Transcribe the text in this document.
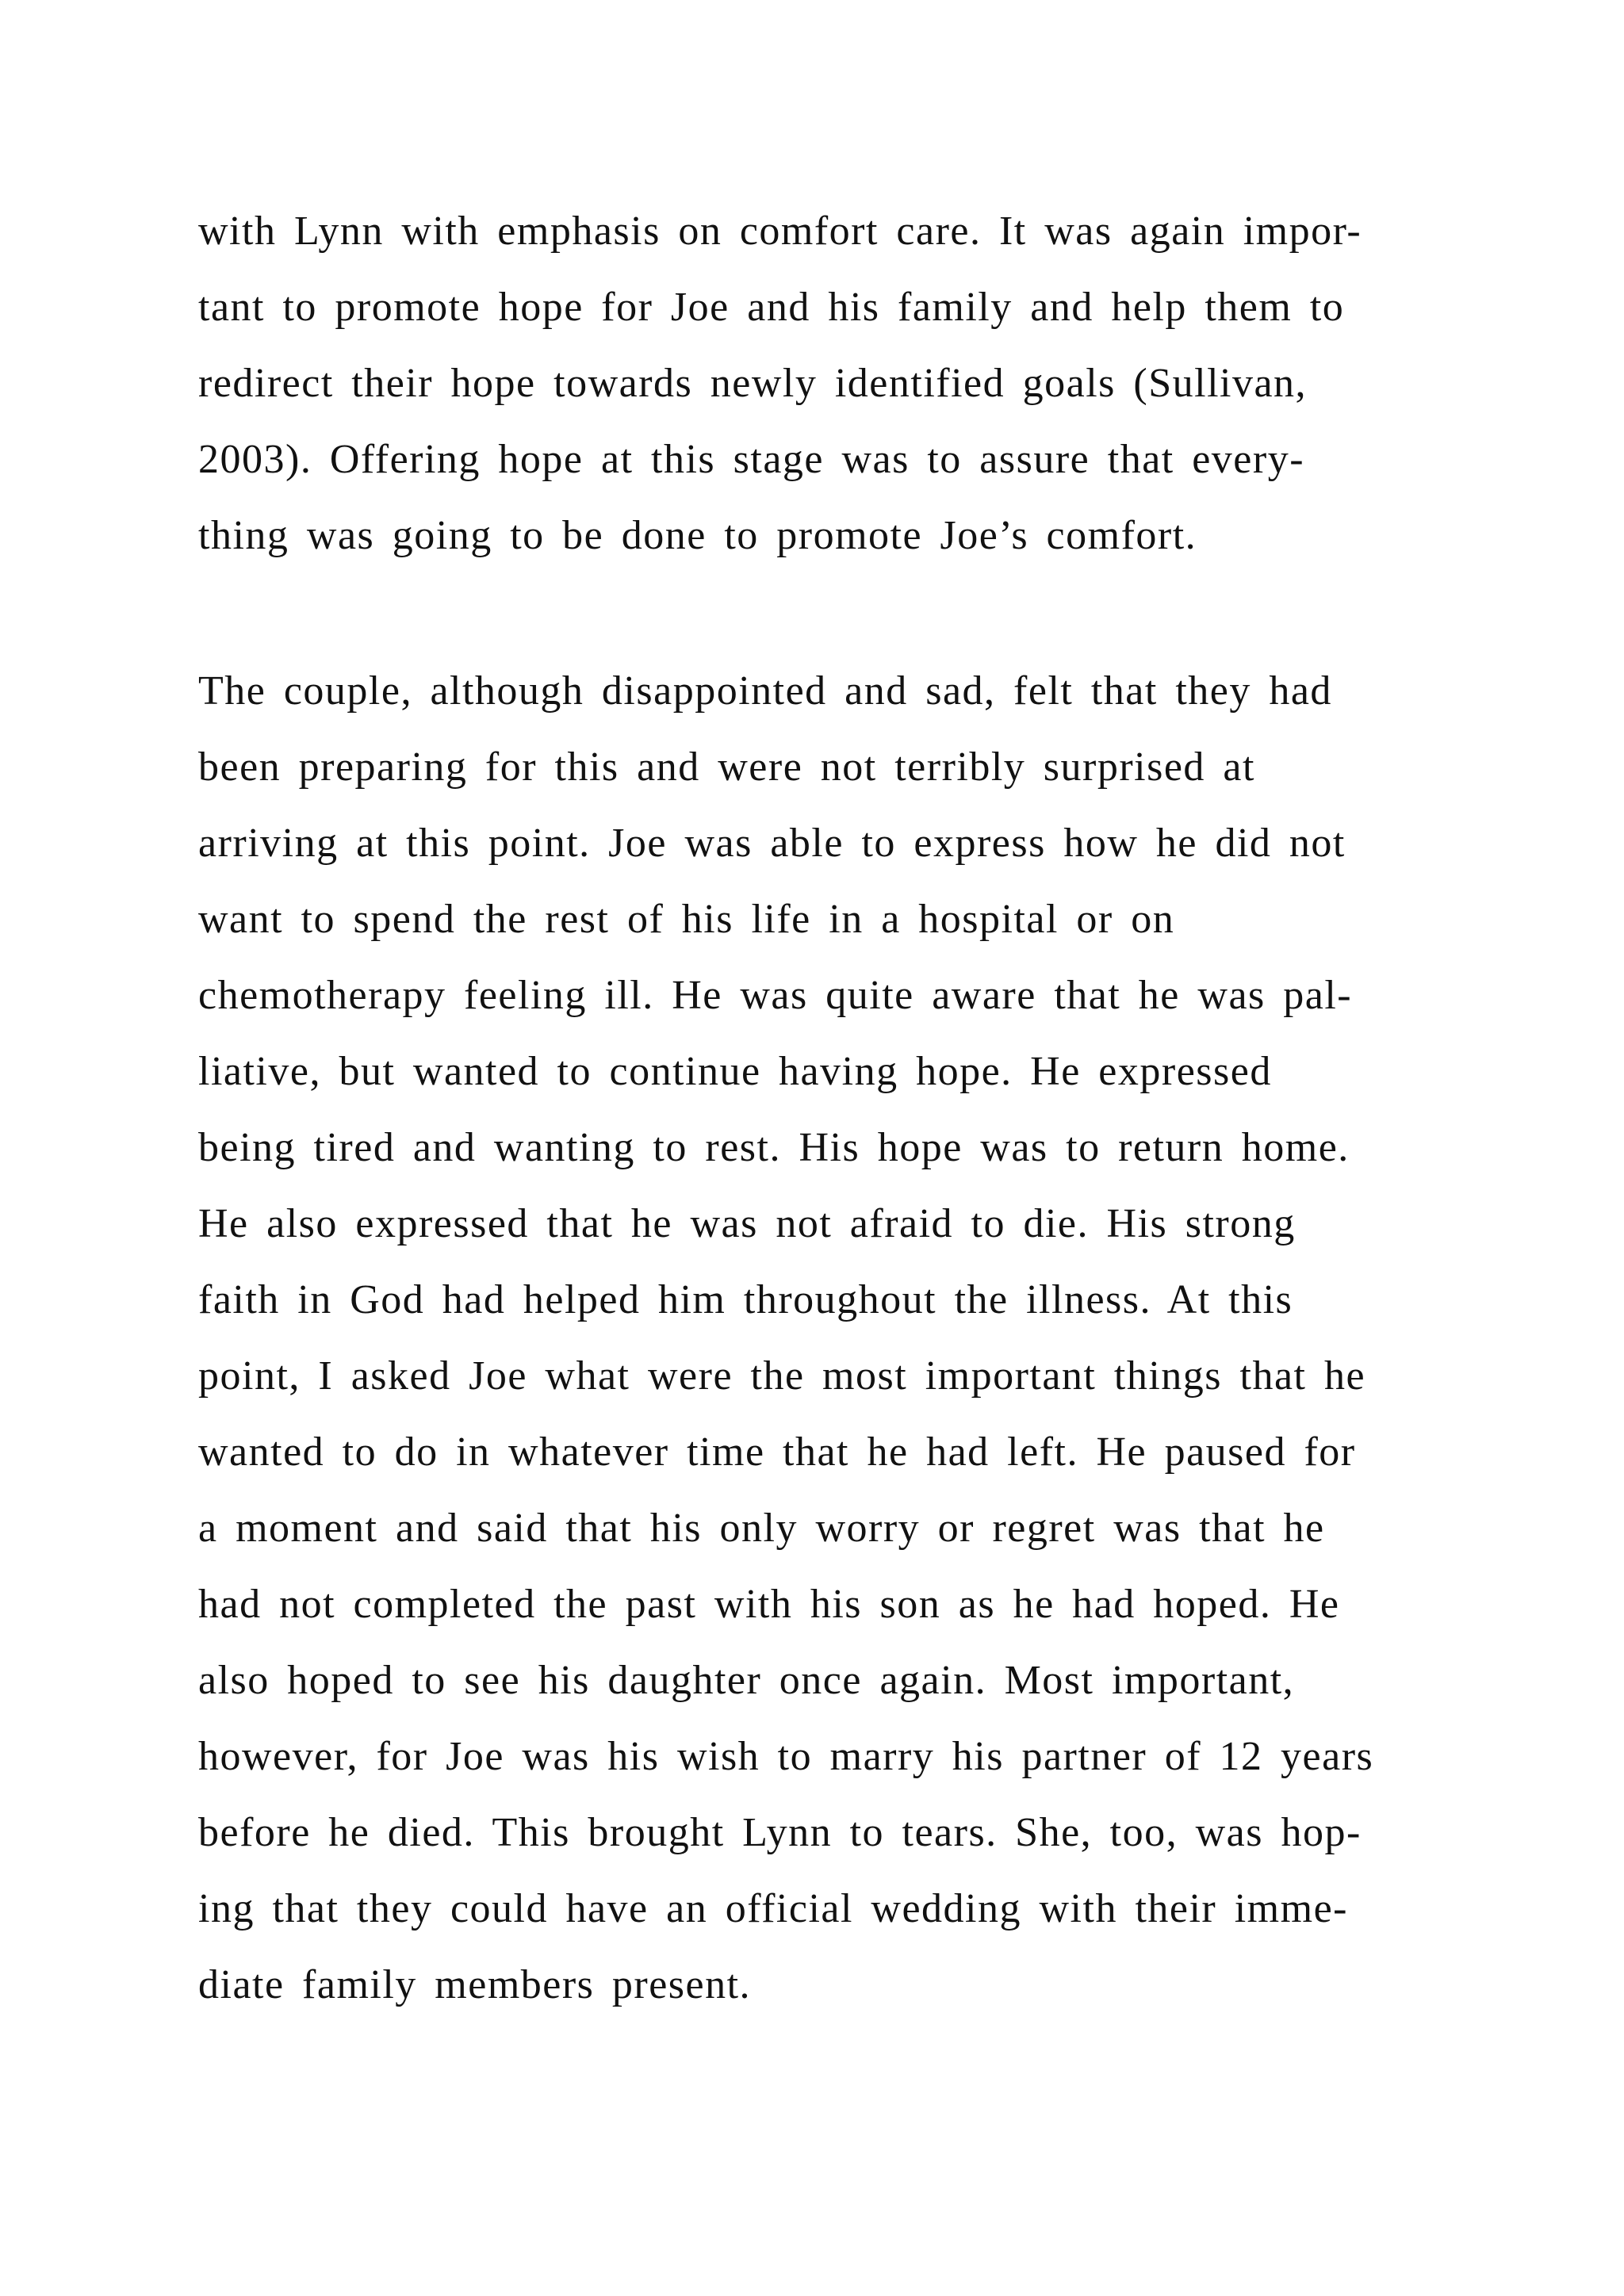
with Lynn with emphasis on comfort care. It was again impor-
tant to promote hope for Joe and his family and help them to
redirect their hope towards newly identified goals (Sullivan,
2003). Offering hope at this stage was to assure that every-
thing was going to be done to promote Joe’s comfort.
The couple, although disappointed and sad, felt that they had
been preparing for this and were not terribly surprised at
arriving at this point. Joe was able to express how he did not
want to spend the rest of his life in a hospital or on
chemotherapy feeling ill. He was quite aware that he was pal-
liative, but wanted to continue having hope. He expressed
being tired and wanting to rest. His hope was to return home.
He also expressed that he was not afraid to die. His strong
faith in God had helped him throughout the illness. At this
point, I asked Joe what were the most important things that he
wanted to do in whatever time that he had left. He paused for
a moment and said that his only worry or regret was that he
had not completed the past with his son as he had hoped. He
also hoped to see his daughter once again. Most important,
however, for Joe was his wish to marry his partner of 12 years
before he died. This brought Lynn to tears. She, too, was hop-
ing that they could have an official wedding with their imme-
diate family members present.
